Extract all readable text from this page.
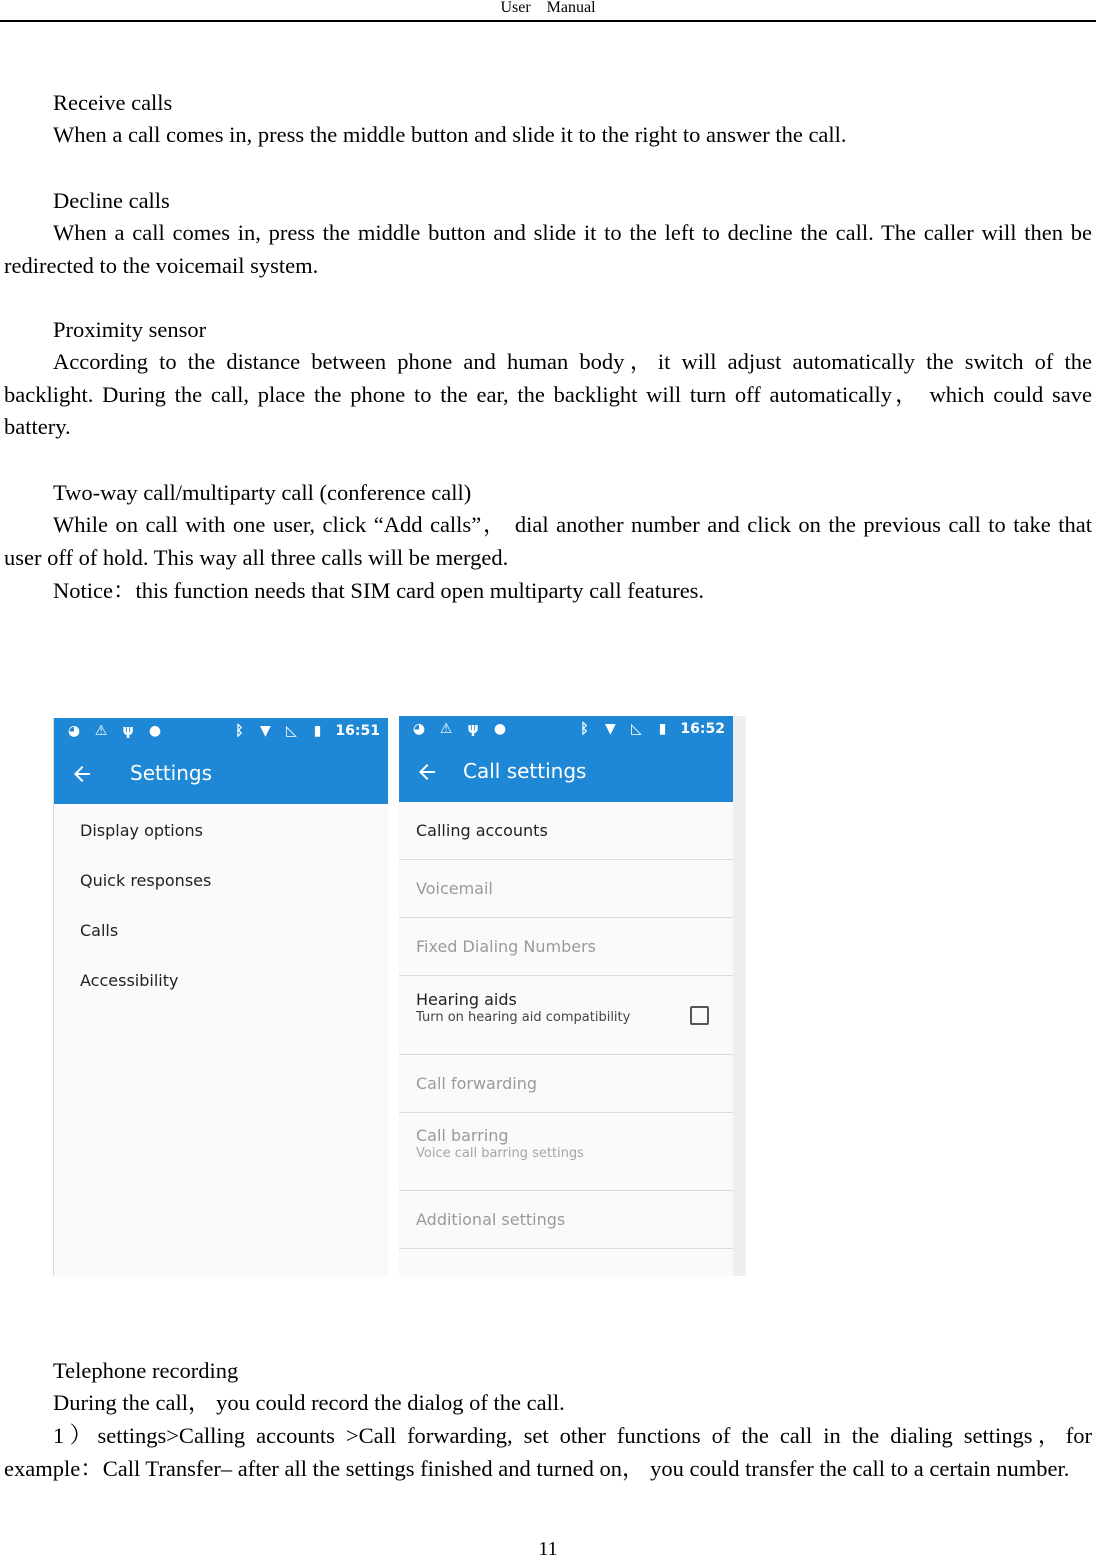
User Manual
Receive calls
When a call comes in, press the middle button and slide it to the right to answer the call.
Decline calls
When a call comes in, press the middle button and slide it to the left to decline the call. The caller will then be redirected to the voicemail system.
Proximity sensor
According to the distance between phone and human body，it will adjust automatically the switch of the backlight. During the call, place the phone to the ear, the backlight will turn off automatically， which could save battery.
Two-way call/multiparty call (conference call)
While on call with one user, click “Add calls”， dial another number and click on the previous call to take that user off of hold. This way all three calls will be merged.
Notice：this function needs that SIM card open multiparty call features.
◕ ⚠ ψ ●	ᛒ ▼ ◺ ▮ 16:51
Settings
Display options
Quick responses
Calls
Accessibility
◕ ⚠ ψ ●	ᛒ ▼ ◺ ▮ 16:52
Call settings
Calling accounts
Voicemail
Fixed Dialing Numbers
Hearing aids
Turn on hearing aid compatibility
Call forwarding
Call barring
Voice call barring settings
Additional settings
Telephone recording
During the call， you could record the dialog of the call.
1）settings>Calling accounts >Call forwarding, set other functions of the call in the dialing settings，for example：Call Transfer– after all the settings finished and turned on， you could transfer the call to a certain number.
11
